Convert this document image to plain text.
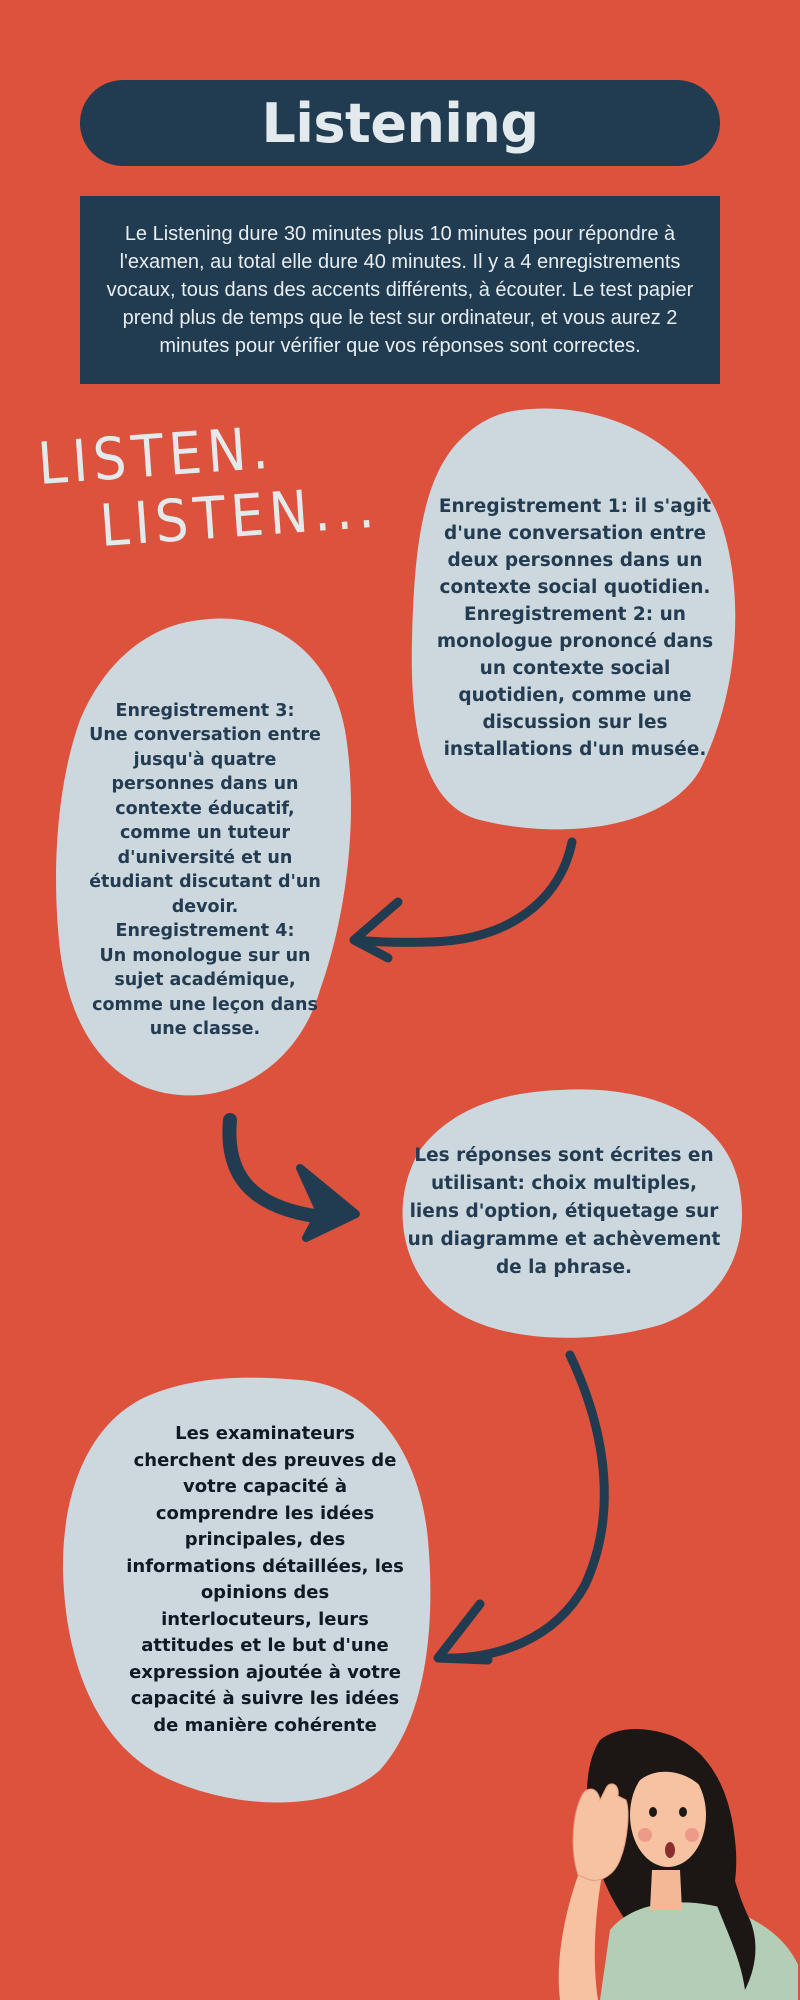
Listening

Le Listening dure 30 minutes plus 10 minutes pour répondre à l'examen, au total elle dure 40 minutes. Il y a 4 enregistrements vocaux, tous dans des accents différents, à écouter. Le test papier prend plus de temps que le test sur ordinateur, et vous aurez 2 minutes pour vérifier que vos réponses sont correctes.

LISTEN.
LISTEN...	Enregistrement 1: il s'agit d'une conversation entre deux personnes dans un contexte social quotidien.
Enregistrement 2: un monologue prononcé dans un contexte social quotidien, comme une discussion sur les installations d'un musée.
Enregistrement 3:
Une conversation entre jusqu'à quatre personnes dans un contexte éducatif, comme un tuteur d'université et un étudiant discutant d'un devoir.
Enregistrement 4:
Un monologue sur un sujet académique, comme une leçon dans une classe.
Les réponses sont écrites en utilisant: choix multiples, liens d'option, étiquetage sur un diagramme et achèvement de la phrase.
Les examinateurs cherchent des preuves de votre capacité à comprendre les idées principales, des informations détaillées, les opinions des interlocuteurs, leurs attitudes et le but d'une expression ajoutée à votre capacité à suivre les idées de manière cohérente
